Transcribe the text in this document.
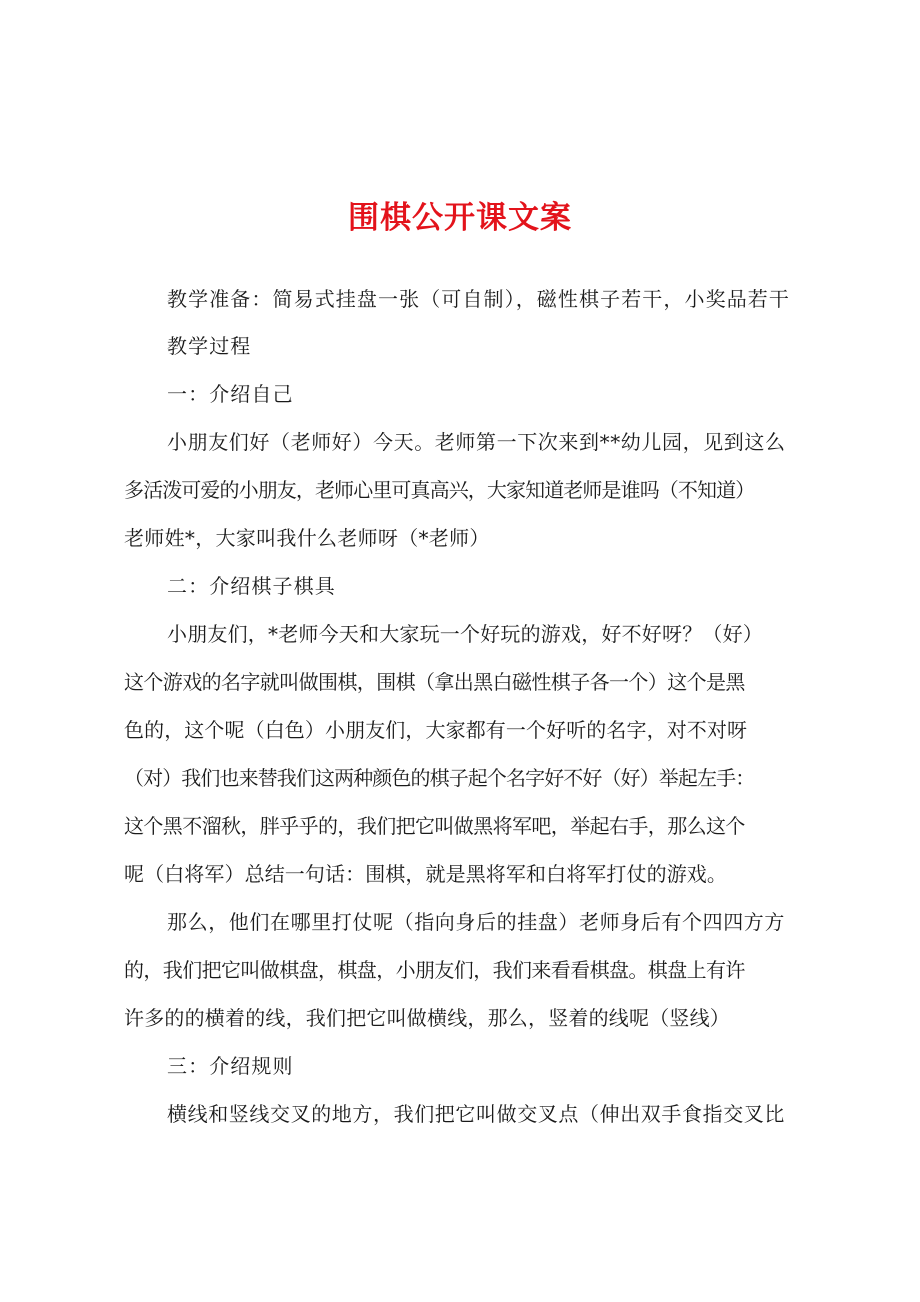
围棋公开课文案
教学准备：简易式挂盘一张（可自制），磁性棋子若干，小奖品若干
教学过程
一：介绍自己
小朋友们好（老师好）今天。老师第一下次来到**幼儿园，见到这么
多活泼可爱的小朋友，老师心里可真高兴，大家知道老师是谁吗（不知道）
老师姓*，大家叫我什么老师呀（*老师）
二：介绍棋子棋具
小朋友们，*老师今天和大家玩一个好玩的游戏，好不好呀？（好）
这个游戏的名字就叫做围棋，围棋（拿出黑白磁性棋子各一个）这个是黑
色的，这个呢（白色）小朋友们，大家都有一个好听的名字，对不对呀
（对）我们也来替我们这两种颜色的棋子起个名字好不好（好）举起左手：
这个黑不溜秋，胖乎乎的，我们把它叫做黑将军吧，举起右手，那么这个
呢（白将军）总结一句话：围棋，就是黑将军和白将军打仗的游戏。
那么，他们在哪里打仗呢（指向身后的挂盘）老师身后有个四四方方
的，我们把它叫做棋盘，棋盘，小朋友们，我们来看看棋盘。棋盘上有许
许多的的横着的线，我们把它叫做横线，那么，竖着的线呢（竖线）
三：介绍规则
横线和竖线交叉的地方，我们把它叫做交叉点（伸出双手食指交叉比
